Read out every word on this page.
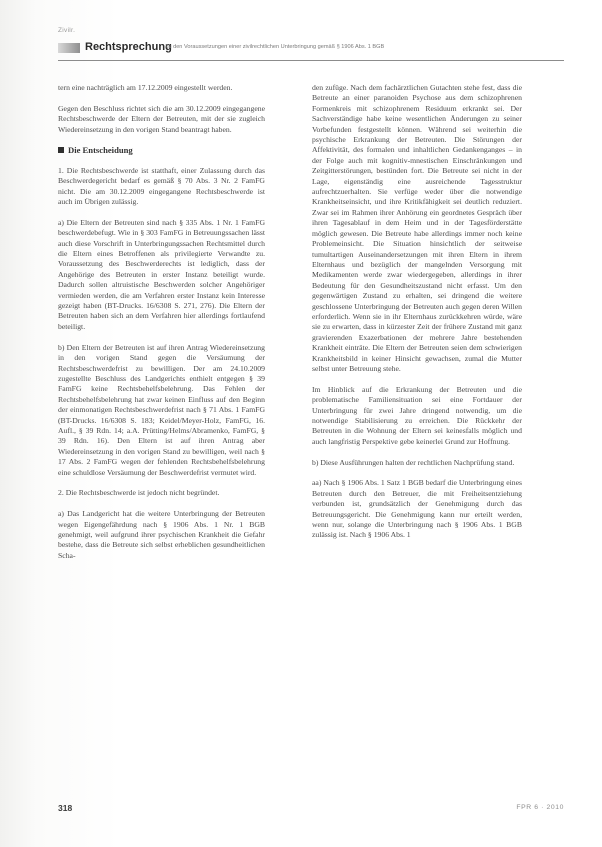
Zivilr.
Rechtsprechung
Zu den Voraussetzungen einer zivilrechtlichen Unterbringung gemäß § 1906 Abs. 1 BGB

tern eine nachträglich am 17.12.2009 eingestellt werden.

Gegen den Beschluss richtet sich die am 30.12.2009 eingegangene Rechtsbeschwerde der Eltern der Betreuten, mit der sie zugleich Wiedereinsetzung in den vorigen Stand beantragt haben.

Die Entscheidung

1. Die Rechtsbeschwerde ist statthaft, einer Zulassung durch das Beschwerdegericht bedarf es gemäß § 70 Abs. 3 Nr. 2 FamFG nicht. Die am 30.12.2009 eingegangene Rechtsbeschwerde ist auch im Übrigen zulässig.

a) Die Eltern der Betreuten sind nach § 335 Abs. 1 Nr. 1 FamFG beschwerdebefugt. Wie in § 303 FamFG in Betreuungssachen lässt auch diese Vorschrift in Unterbringungssachen Rechtsmittel durch die Eltern eines Betroffenen als privilegierte Verwandte zu. Voraussetzung des Beschwerderechts ist lediglich, dass der Angehörige des Betreuten in erster Instanz beteiligt wurde. Dadurch sollen altruistische Beschwerden solcher Angehöriger vermieden werden, die am Verfahren erster Instanz kein Interesse gezeigt haben (BT-Drucks. 16/6308 S. 271, 276). Die Eltern der Betreuten haben sich an dem Verfahren hier allerdings fortlaufend beteiligt.

b) Den Eltern der Betreuten ist auf ihren Antrag Wiedereinsetzung in den vorigen Stand gegen die Versäumung der Rechtsbeschwerdefrist zu bewilligen. Der am 24.10.2009 zugestellte Beschluss des Landgerichts enthielt entgegen § 39 FamFG keine Rechtsbehelfsbelehrung. Das Fehlen der Rechtsbehelfsbelehrung hat zwar keinen Einfluss auf den Beginn der einmonatigen Rechtsbeschwerdefrist nach § 71 Abs. 1 FamFG (BT-Drucks. 16/6308 S. 183; Keidel/Meyer-Holz, FamFG, 16. Aufl., § 39 Rdn. 14; a.A. Prütting/Helms/Abramenko, FamFG, § 39 Rdn. 16). Den Eltern ist auf ihren Antrag aber Wiedereinsetzung in den vorigen Stand zu bewilligen, weil nach § 17 Abs. 2 FamFG wegen der fehlenden Rechtsbehelfsbelehrung eine schuldlose Versäumung der Beschwerdefrist vermutet wird.

2. Die Rechtsbeschwerde ist jedoch nicht begründet.

a) Das Landgericht hat die weitere Unterbringung der Betreuten wegen Eigengefährdung nach § 1906 Abs. 1 Nr. 1 BGB genehmigt, weil aufgrund ihrer psychischen Krankheit die Gefahr bestehe, dass die Betreute sich selbst erheblichen gesundheitlichen Scha-

den zufüge. Nach dem fachärztlichen Gutachten stehe fest, dass die Betreute an einer paranoiden Psychose aus dem schizophrenen Formenkreis mit schizophrenem Residuum erkrankt sei. Der Sachverständige habe keine wesentlichen Änderungen zu seiner Vorbefunden festgestellt können. Während sei weiterhin die psychische Erkrankung der Betreuten. Die Störungen der Affektivität, des formalen und inhaltlichen Gedankenganges – in der Folge auch mit kognitiv-mnestischen Einschränkungen und Zeitgitterstörungen, bestünden fort. Die Betreute sei nicht in der Lage, eigenständig eine ausreichende Tagesstruktur aufrechtzuerhalten. Sie verfüge weder über die notwendige Krankheitseinsicht, und ihre Kritikfähigkeit sei deutlich reduziert. Zwar sei im Rahmen ihrer Anhörung ein geordnetes Gespräch über ihren Tagesablauf in dem Heim und in der Tagesförderstätte möglich gewesen. Die Betreute habe allerdings immer noch keine Problemeinsicht. Die Situation hinsichtlich der seitweise tumultartigen Auseinandersetzungen mit ihren Eltern in ihrem Elternhaus und bezüglich der mangelnden Versorgung mit Medikamenten werde zwar wiedergegeben, allerdings in ihrer Bedeutung für den Gesundheitszustand nicht erfasst. Um den gegenwärtigen Zustand zu erhalten, sei dringend die weitere geschlossene Unterbringung der Betreuten auch gegen deren Willen erforderlich. Wenn sie in ihr Elternhaus zurückkehren würde, wäre sie zu erwarten, dass in kürzester Zeit der frühere Zustand mit ganz gravierenden Exazerbationen der mehrere Jahre bestehenden Krankheit einträte. Die Eltern der Betreuten seien dem schwierigen Krankheitsbild in keiner Hinsicht gewachsen, zumal die Mutter selbst unter Betreuung stehe.

Im Hinblick auf die Erkrankung der Betreuten und die problematische Familiensituation sei eine Fortdauer der Unterbringung für zwei Jahre dringend notwendig, um die notwendige Stabilisierung zu erreichen. Die Rückkehr der Betreuten in die Wohnung der Eltern sei keinesfalls möglich und auch langfristig Perspektive gebe keinerlei Grund zur Hoffnung.

b) Diese Ausführungen halten der rechtlichen Nachprüfung stand.

aa) Nach § 1906 Abs. 1 Satz 1 BGB bedarf die Unterbringung eines Betreuten durch den Betreuer, die mit Freiheitsentziehung verbunden ist, grundsätzlich der Genehmigung durch das Betreuungsgericht. Die Genehmigung kann nur erteilt werden, wenn nur, solange die Unterbringung nach § 1906 Abs. 1 BGB zulässig ist. Nach § 1906 Abs. 1

318	FPR 6 · 2010
